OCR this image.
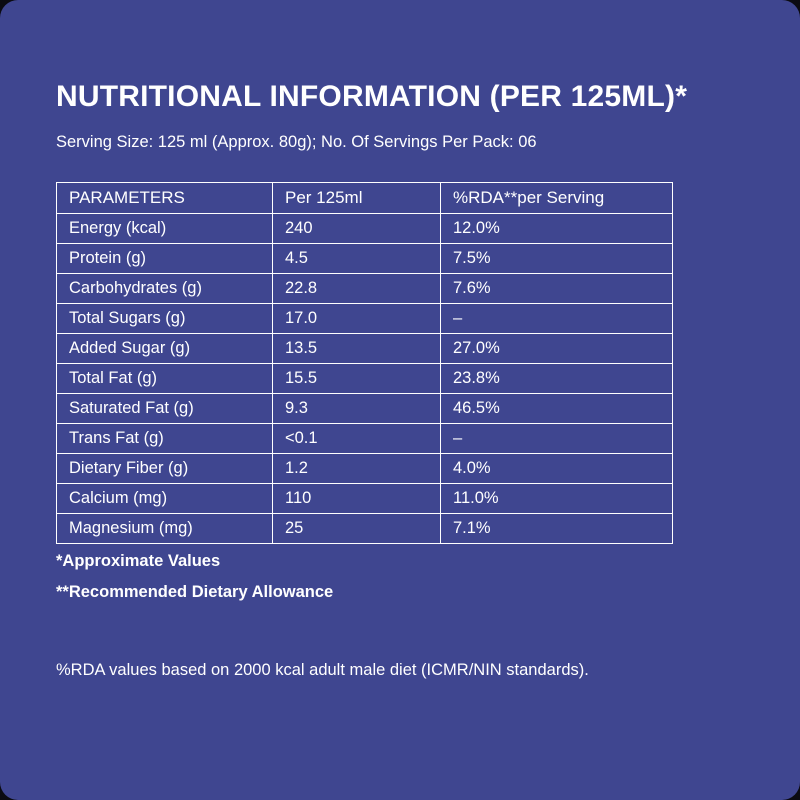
NUTRITIONAL INFORMATION (PER 125ML)*
Serving Size: 125 ml (Approx. 80g); No. Of Servings Per Pack: 06
PARAMETERS	Per 125ml	%RDA**per Serving
Energy (kcal)	240	12.0%
Protein (g)	4.5	7.5%
Carbohydrates (g)	22.8	7.6%
Total Sugars (g)	17.0	–
Added Sugar (g)	13.5	27.0%
Total Fat (g)	15.5	23.8%
Saturated Fat (g)	9.3	46.5%
Trans Fat (g)	<0.1	–
Dietary Fiber (g)	1.2	4.0%
Calcium (mg)	110	11.0%
Magnesium (mg)	25	7.1%
*Approximate Values
**Recommended Dietary Allowance
%RDA values based on 2000 kcal adult male diet (ICMR/NIN standards).
